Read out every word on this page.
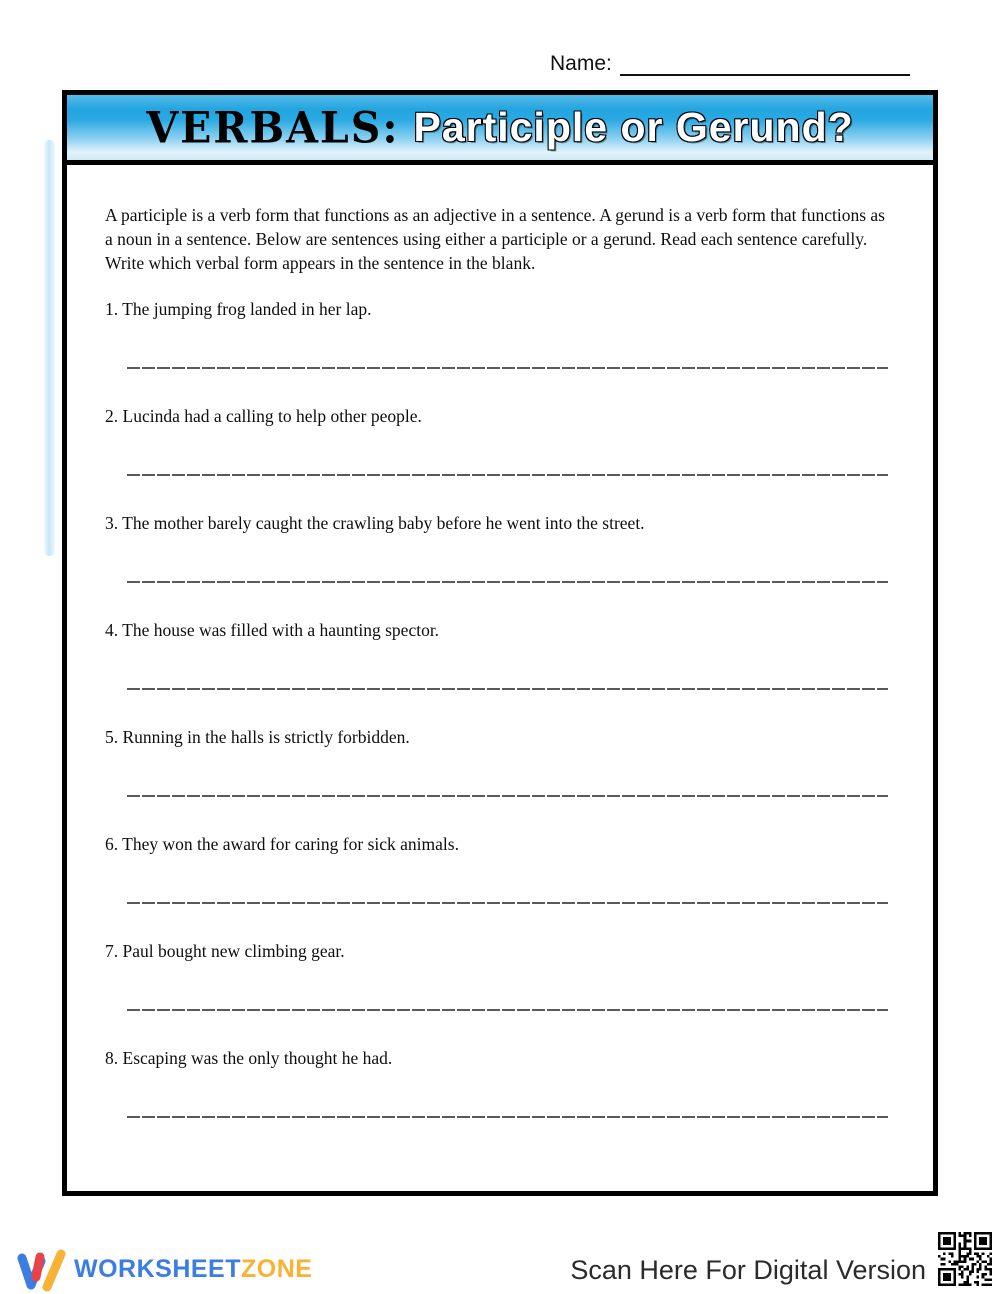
Name:
VERBALS: Participle or Gerund?

A participle is a verb form that functions as an adjective in a sentence. A gerund is a verb form that functions as a noun in a sentence. Below are sentences using either a participle or a gerund. Read each sentence carefully. Write which verbal form appears in the sentence in the blank.

1. The jumping frog landed in her lap.

2. Lucinda had a calling to help other people.

3. The mother barely caught the crawling baby before he went into the street.

4. The house was filled with a haunting spector.

5. Running in the halls is strictly forbidden.

6. They won the award for caring for sick animals.

7. Paul bought new climbing gear.

8. Escaping was the only thought he had.

WORKSHEETZONE	Scan Here For Digital Version
